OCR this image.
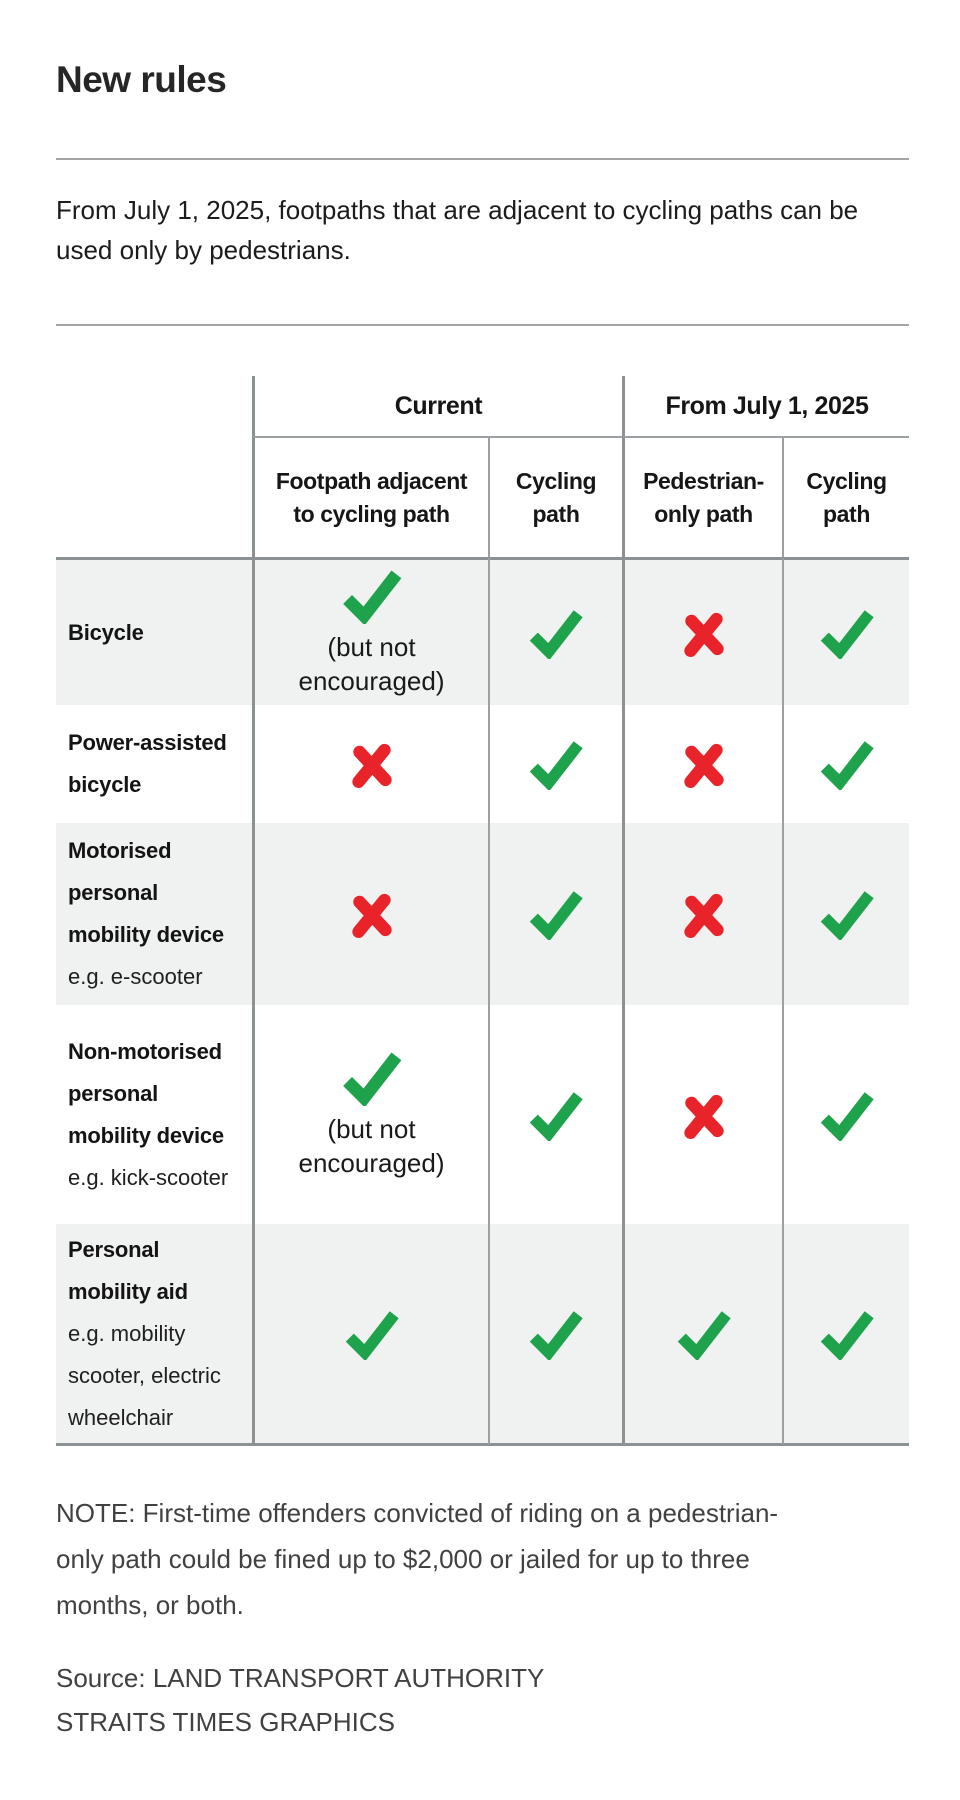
New rules
From July 1, 2025, footpaths that are adjacent to cycling paths can be used only by pedestrians.
Current	From July 1, 2025
Footpath adjacent to cycling path
Cycling path
Pedestrian-only path
Cycling path
Bicycle	(but not encouraged)
Power-assisted bicycle
Motorised personal mobility device
e.g. e-scooter
Non-motorised personal mobility device
e.g. kick-scooter
(but not encouraged)
Personal mobility aid
e.g. mobility scooter, electric wheelchair
NOTE: First-time offenders convicted of riding on a pedestrian-only path could be fined up to $2,000 or jailed for up to three months, or both.
Source: LAND TRANSPORT AUTHORITY
STRAITS TIMES GRAPHICS
